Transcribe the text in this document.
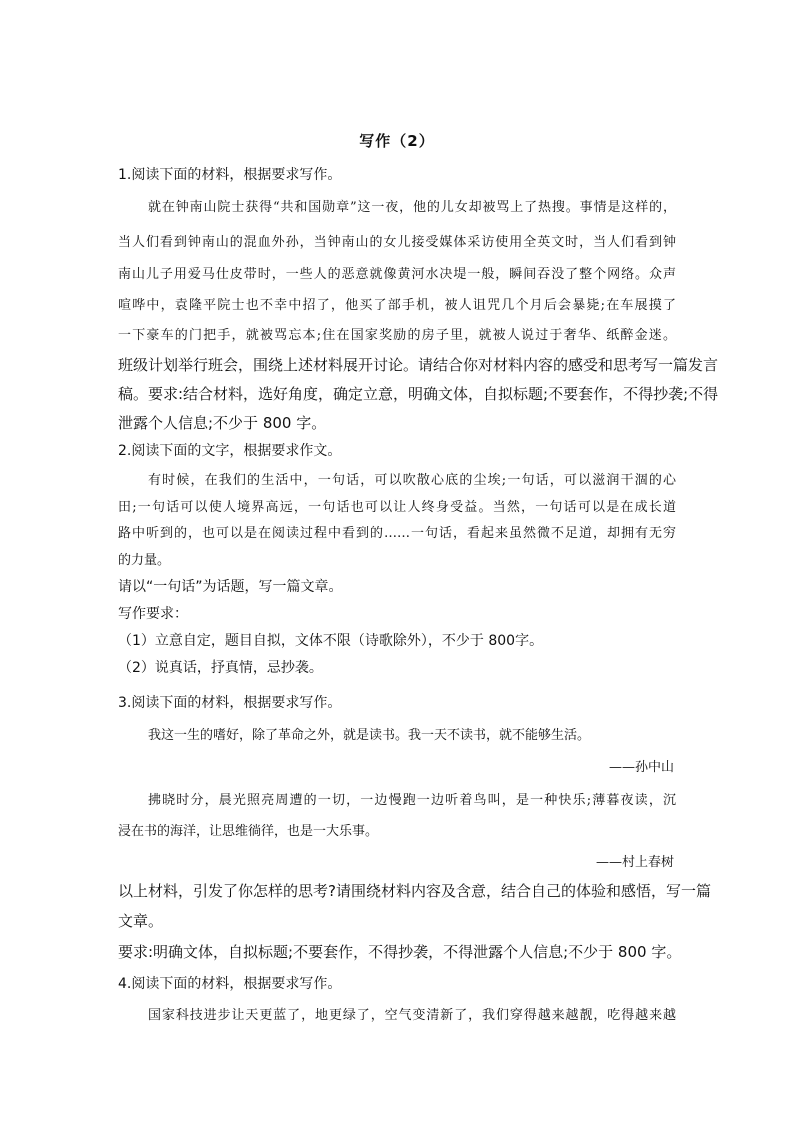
写作（2）
1.阅读下面的材料，根据要求写作。
就在钟南山院士获得“共和国勋章”这一夜，他的儿女却被骂上了热搜。事情是这样的，
当人们看到钟南山的混血外孙，当钟南山的女儿接受媒体采访使用全英文时，当人们看到钟
南山儿子用爱马仕皮带时，一些人的恶意就像黄河水决堤一般，瞬间吞没了整个网络。众声
喧哗中，袁隆平院士也不幸中招了，他买了部手机，被人诅咒几个月后会暴毙;在车展摸了
一下豪车的门把手，就被骂忘本;住在国家奖励的房子里，就被人说过于奢华、纸醉金迷。
班级计划举行班会，围绕上述材料展开讨论。请结合你对材料内容的感受和思考写一篇发言
稿。要求:结合材料，选好角度，确定立意，明确文体，自拟标题;不要套作，不得抄袭;不得
泄露个人信息;不少于 800 字。
2.阅读下面的文字，根据要求作文。
有时候，在我们的生活中，一句话，可以吹散心底的尘埃;一句话，可以滋润干涸的心
田;一句话可以使人境界高远，一句话也可以让人终身受益。当然，一句话可以是在成长道
路中听到的，也可以是在阅读过程中看到的……一句话，看起来虽然微不足道，却拥有无穷
的力量。
请以“一句话”为话题，写一篇文章。
写作要求：
（1）立意自定，题目自拟，文体不限（诗歌除外），不少于 800字。
（2）说真话，抒真情，忌抄袭。
3.阅读下面的材料，根据要求写作。
我这一生的嗜好，除了革命之外，就是读书。我一天不读书，就不能够生活。
——孙中山
拂晓时分，晨光照亮周遭的一切，一边慢跑一边听着鸟叫，是一种快乐;薄暮夜读，沉
浸在书的海洋，让思维徜徉，也是一大乐事。
——村上春树
以上材料，引发了你怎样的思考?请围绕材料内容及含意，结合自己的体验和感悟，写一篇
文章。
要求:明确文体，自拟标题;不要套作，不得抄袭，不得泄露个人信息;不少于 800 字。
4.阅读下面的材料，根据要求写作。
国家科技进步让天更蓝了，地更绿了，空气变清新了，我们穿得越来越靓，吃得越来越
